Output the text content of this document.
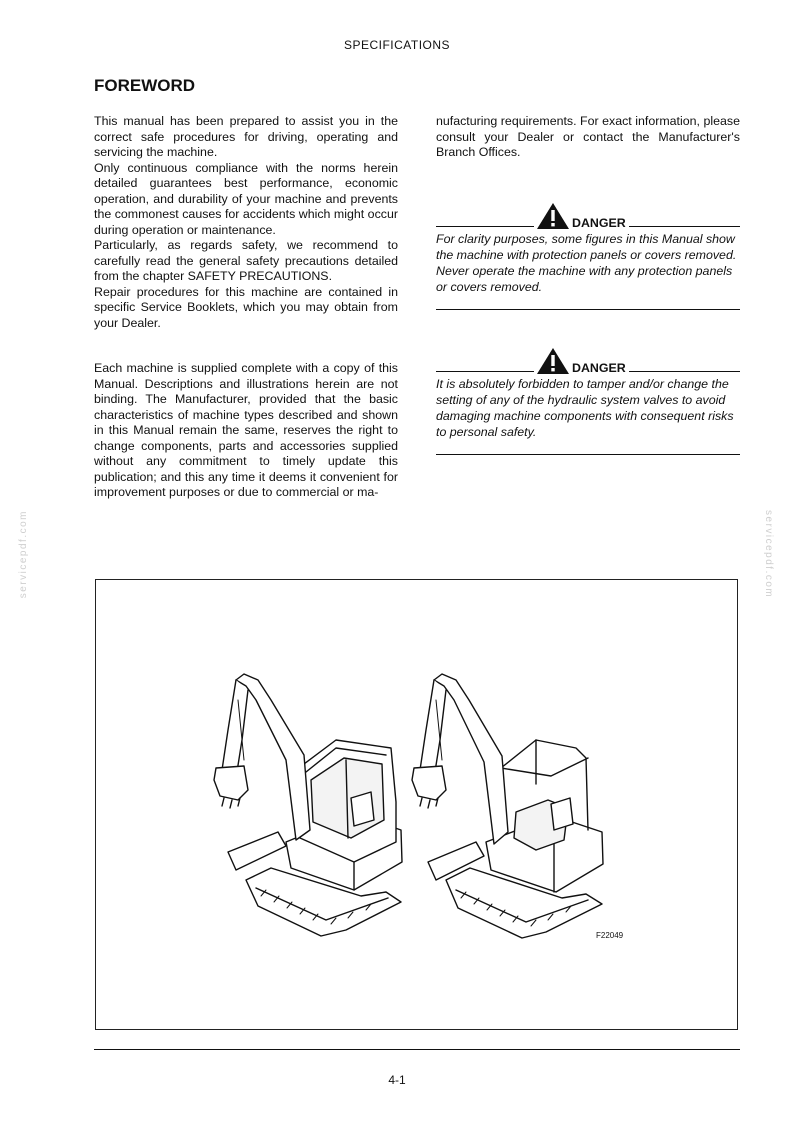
SPECIFICATIONS
FOREWORD

This manual has been prepared to assist you in the correct safe procedures for driving, operating and servicing the machine.

Only continuous compliance with the norms herein detailed guarantees best performance, economic operation, and durability of your machine and prevents the commonest causes for accidents which might occur during operation or maintenance.

Particularly, as regards safety, we recommend to carefully read the general safety precautions detailed from the chapter SAFETY PRECAUTIONS.

Repair procedures for this machine are contained in specific Service Booklets, which you may obtain from your Dealer.

Each machine is supplied complete with a copy of this Manual. Descriptions and illustrations herein are not binding. The Manufacturer, provided that the basic characteristics of machine types described and shown in this Manual remain the same, reserves the right to change components, parts and accessories supplied without any commitment to timely update this publication; and this any time it deems it convenient for improvement purposes or due to commercial or ma-

nufacturing requirements. For exact information, please consult your Dealer or contact the Manufacturer's Branch Offices.

DANGER
For clarity purposes, some figures in this Manual show the machine with protection panels or covers removed. Never operate the machine with any protection panels or covers removed.
DANGER
It is absolutely forbidden to tamper and/or change the setting of any of the hydraulic system valves to avoid damaging machine components with consequent risks to personal safety.
servicepdf.com	servicepdf.com
F22049
4-1
